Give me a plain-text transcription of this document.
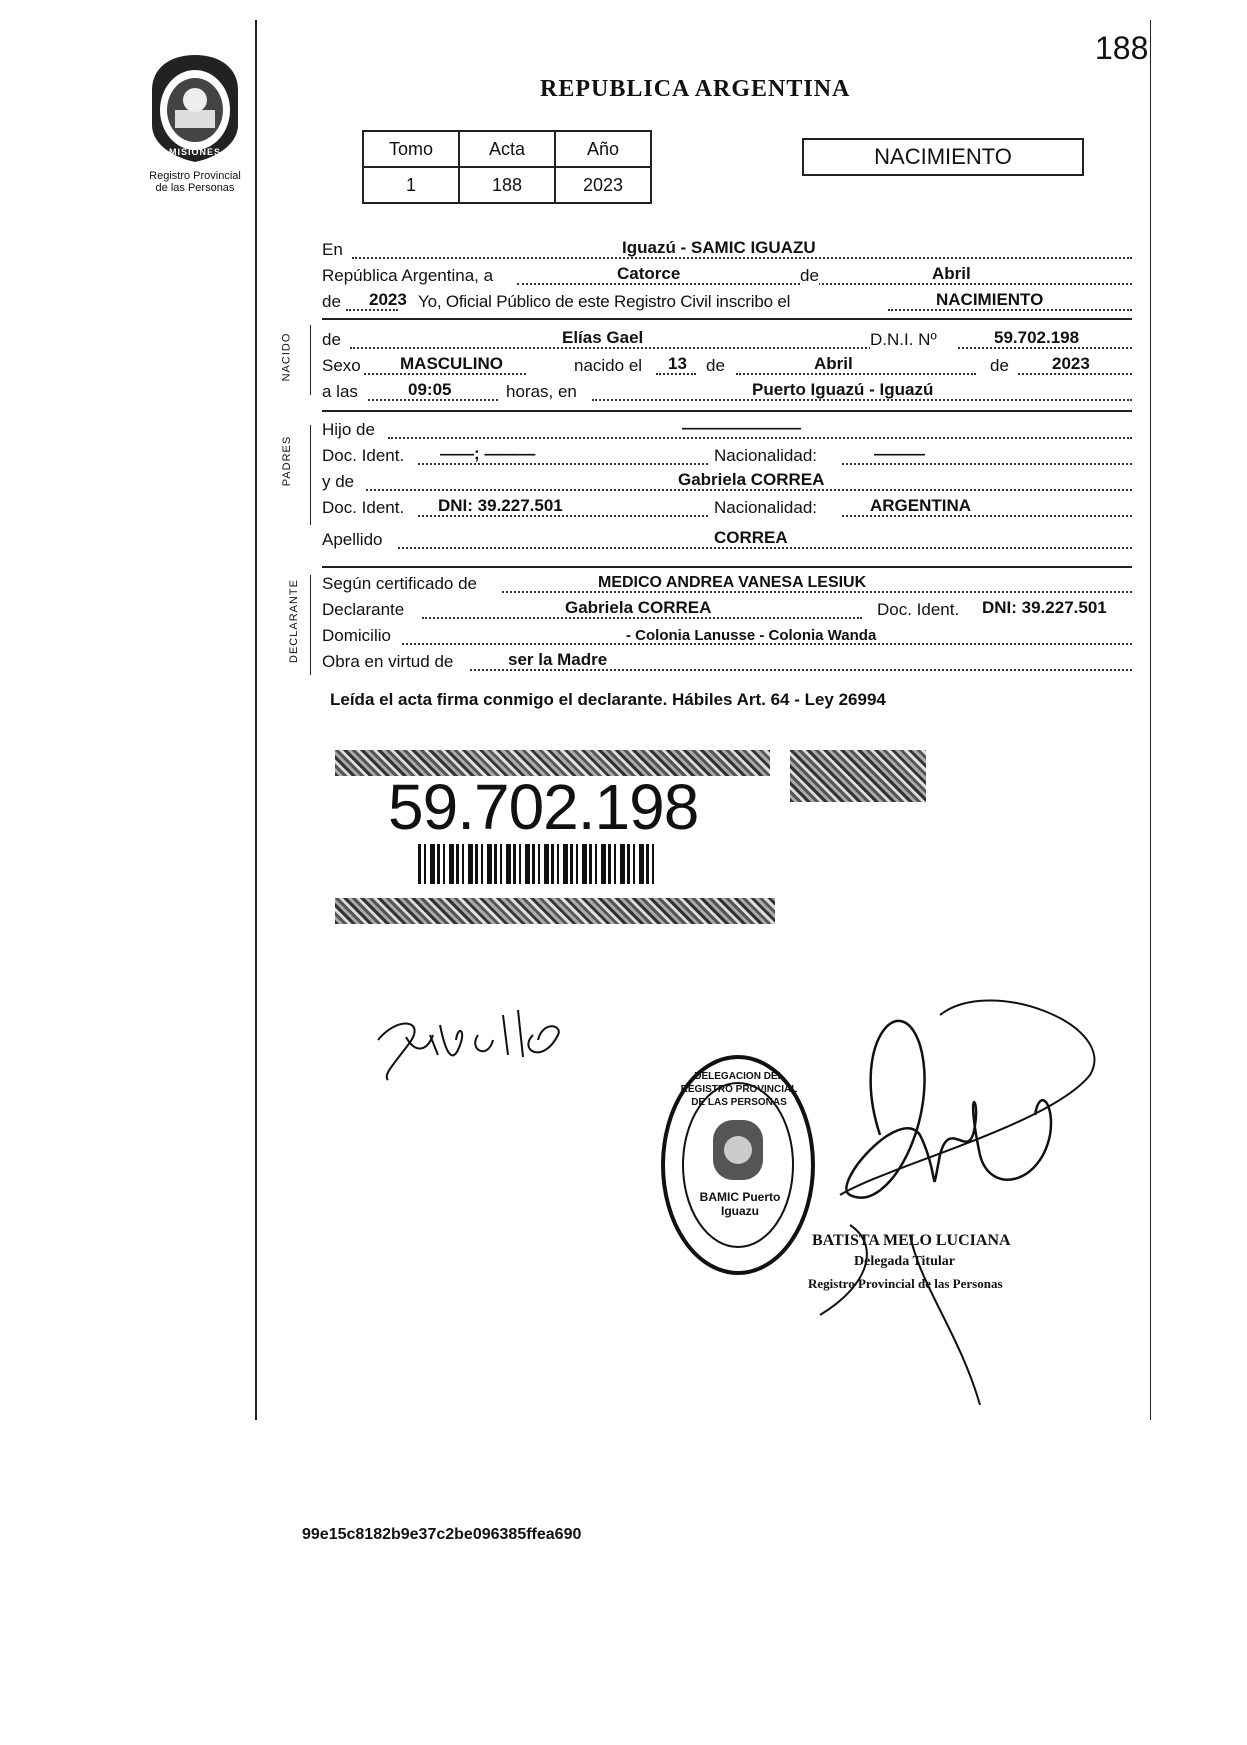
188
MISIONES
Registro Provincial
de las Personas
REPUBLICA ARGENTINA
Tomo	Acta	Año
1	188	2023
NACIMIENTO
NACIDO
PADRES
DECLARANTE
En	Iguazú - SAMIC IGUAZU
República Argentina, a	Catorce	de	Abril
de 2023 Yo, Oficial Público de este Registro Civil inscribo el	NACIMIENTO
de	Elías Gael	D.N.I. Nº	59.702.198
Sexo MASCULINO	nacido el 13 de	Abril	de	2023
a las	09:05	horas, en	Puerto Iguazú - Iguazú
Hijo de	———————
Doc. Ident. ——; ———	Nacionalidad:	———
y de	Gabriela CORREA
Doc. Ident. DNI: 39.227.501	Nacionalidad:	ARGENTINA
Apellido	CORREA
Según certificado de	MEDICO ANDREA VANESA LESIUK
Declarante	Gabriela CORREA	Doc. Ident. DNI: 39.227.501
Domicilio	- Colonia Lanusse - Colonia Wanda
Obra en virtud de	ser la Madre
Leída el acta firma conmigo el declarante. Hábiles Art. 64 - Ley 26994
59.702.198
DELEGACION DEL REGISTRO PROVINCIAL DE LAS PERSONAS
BAMIC Puerto Iguazu
BATISTA MELO LUCIANA
Delegada Titular
Registro Provincial de las Personas
99e15c8182b9e37c2be096385ffea690
